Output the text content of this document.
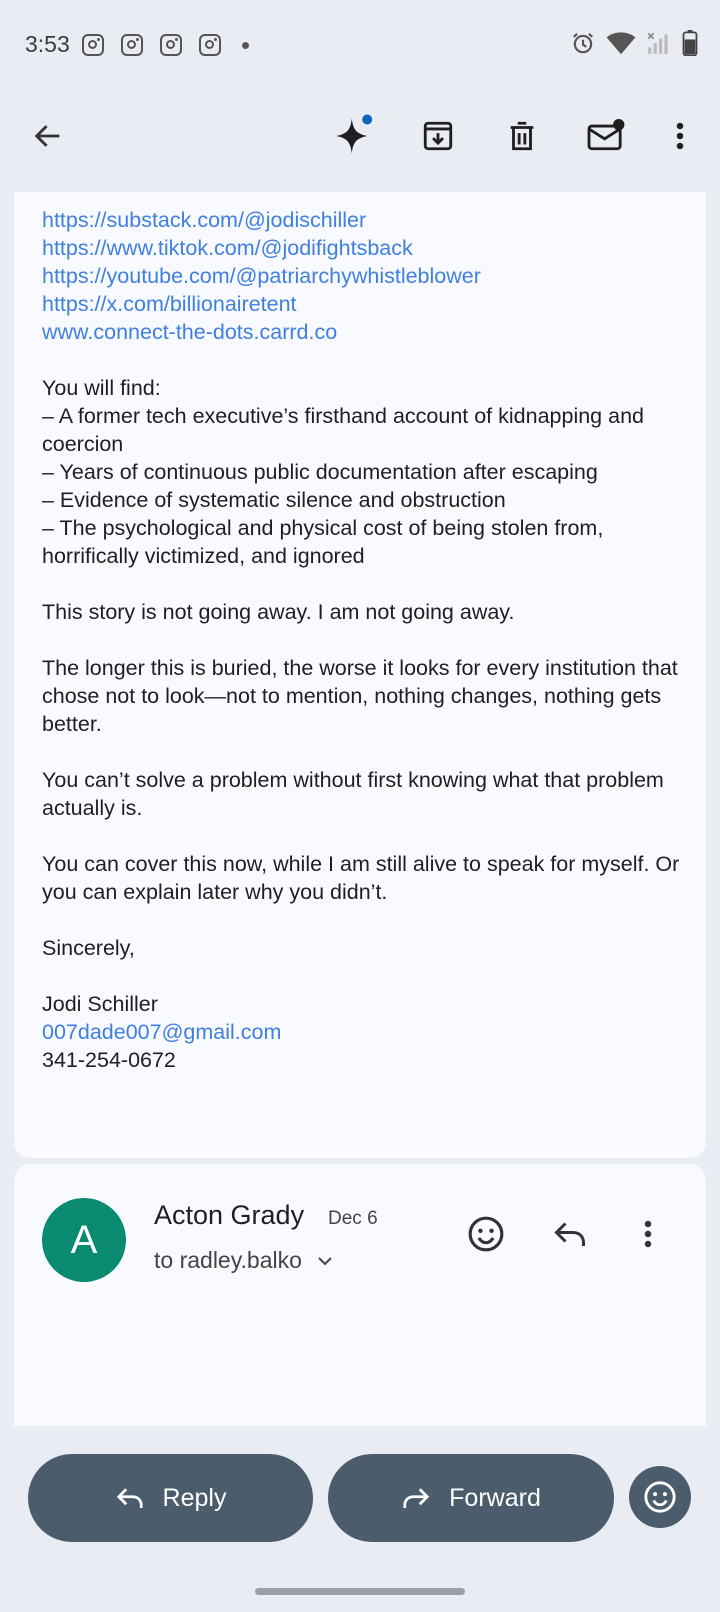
3:53
https://substack.com/@jodischiller
https://www.tiktok.com/@jodifightsback
https://youtube.com/@patriarchywhistleblower
https://x.com/billionairetent
www.connect-the-dots.carrd.co

You will find:

– A former tech executive’s firsthand account of kidnapping and coercion

– Years of continuous public documentation after escaping

– Evidence of systematic silence and obstruction

– The psychological and physical cost of being stolen from, horrifically victimized, and ignored

This story is not going away. I am not going away.

The longer this is buried, the worse it looks for every institution that chose not to look—not to mention, nothing changes, nothing gets better.

You can’t solve a problem without first knowing what that problem actually is.

You can cover this now, while I am still alive to speak for myself. Or you can explain later why you didn’t.

Sincerely,

Jodi Schiller

007dade007@gmail.com

341-254-0672

A
Acton Grady Dec 6
to radley.balko
Reply	Forward
